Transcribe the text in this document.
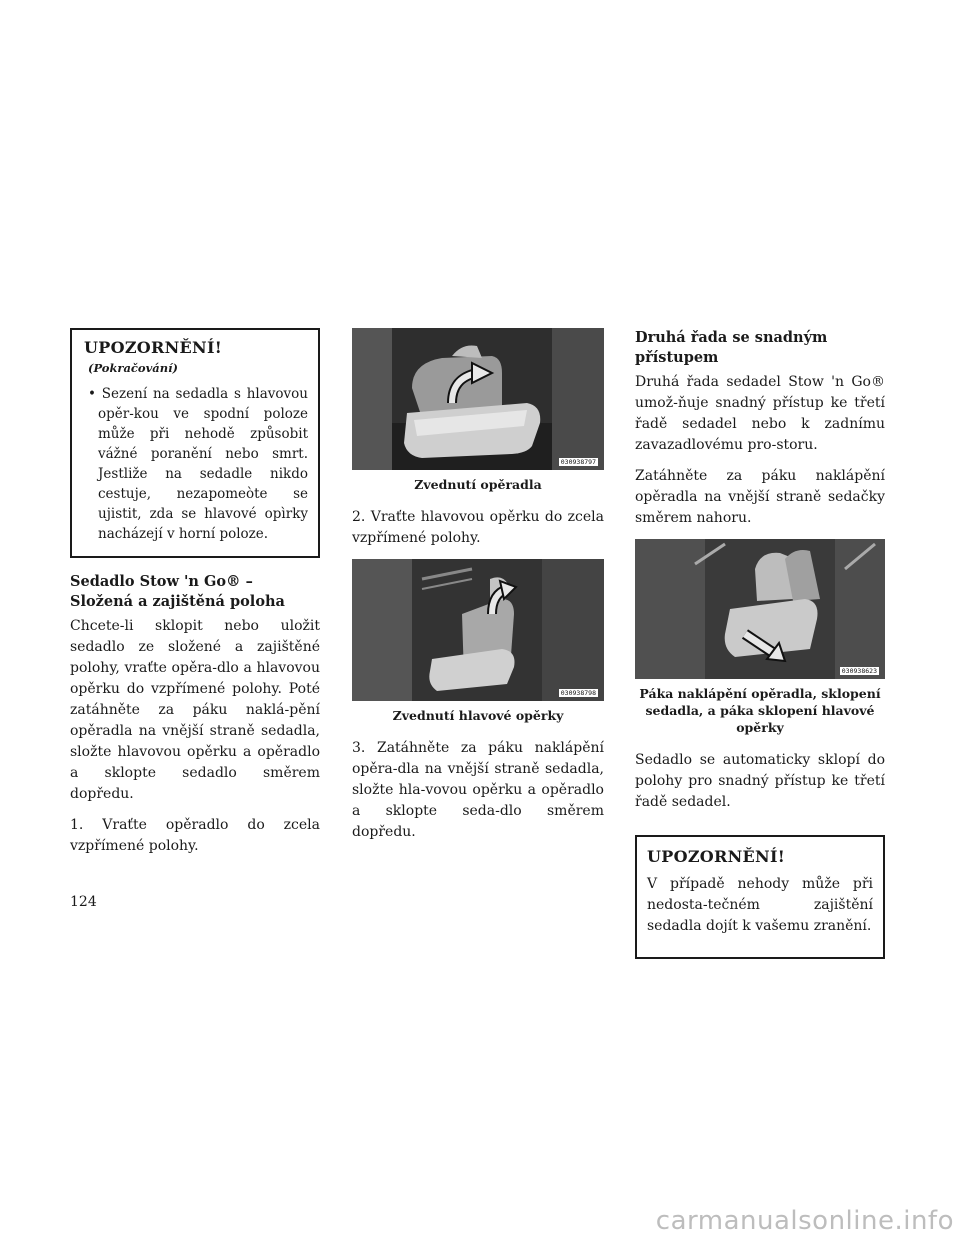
UPOZORNĚNÍ!(Pokračování)
• Sezení na sedadla s hlavovou opěr-kou ve spodní poloze může při nehodě způsobit vážné poranění nebo smrt. Jestliže na sedadle nikdo cestuje, nezapomeòte se ujistit, zda se hlavové opìrky nacházejí v horní poloze.
Sedadlo Stow 'n Go® – Složená a zajištěná poloha

Chcete-li sklopit nebo uložit sedadlo ze složené a zajištěné polohy, vraťte opěra-dlo a hlavovou opěrku do vzpřímené polohy. Poté zatáhněte za páku naklá-pění opěradla na vnější straně sedadla, složte hlavovou opěrku a opěradlo a sklopte sedadlo směrem dopředu.

1. Vraťte opěradlo do zcela vzpřímené polohy.

030938797
Zvednutí opěradla

2. Vraťte hlavovou opěrku do zcela vzpřímené polohy.

030938798
Zvednutí hlavové opěrky

3. Zatáhněte za páku naklápění opěra-dla na vnější straně sedadla, složte hla-vovou opěrku a opěradlo a sklopte seda-dlo směrem dopředu.

Druhá řada se snadným přístupem

Druhá řada sedadel Stow 'n Go® umož-ňuje snadný přístup ke třetí řadě sedadel nebo k zadnímu zavazadlovému pro-storu.

Zatáhněte za páku naklápění opěradla na vnější straně sedačky směrem nahoru.

030938623
Páka naklápění opěradla, sklopení sedadla, a páka sklopení hlavové opěrky

Sedadlo se automaticky sklopí do polohy pro snadný přístup ke třetí řadě sedadel.

UPOZORNĚNÍ!

V případě nehody může při nedosta-tečném zajištění sedadla dojít k vašemu zranění.

124
carmanualsonline.info
